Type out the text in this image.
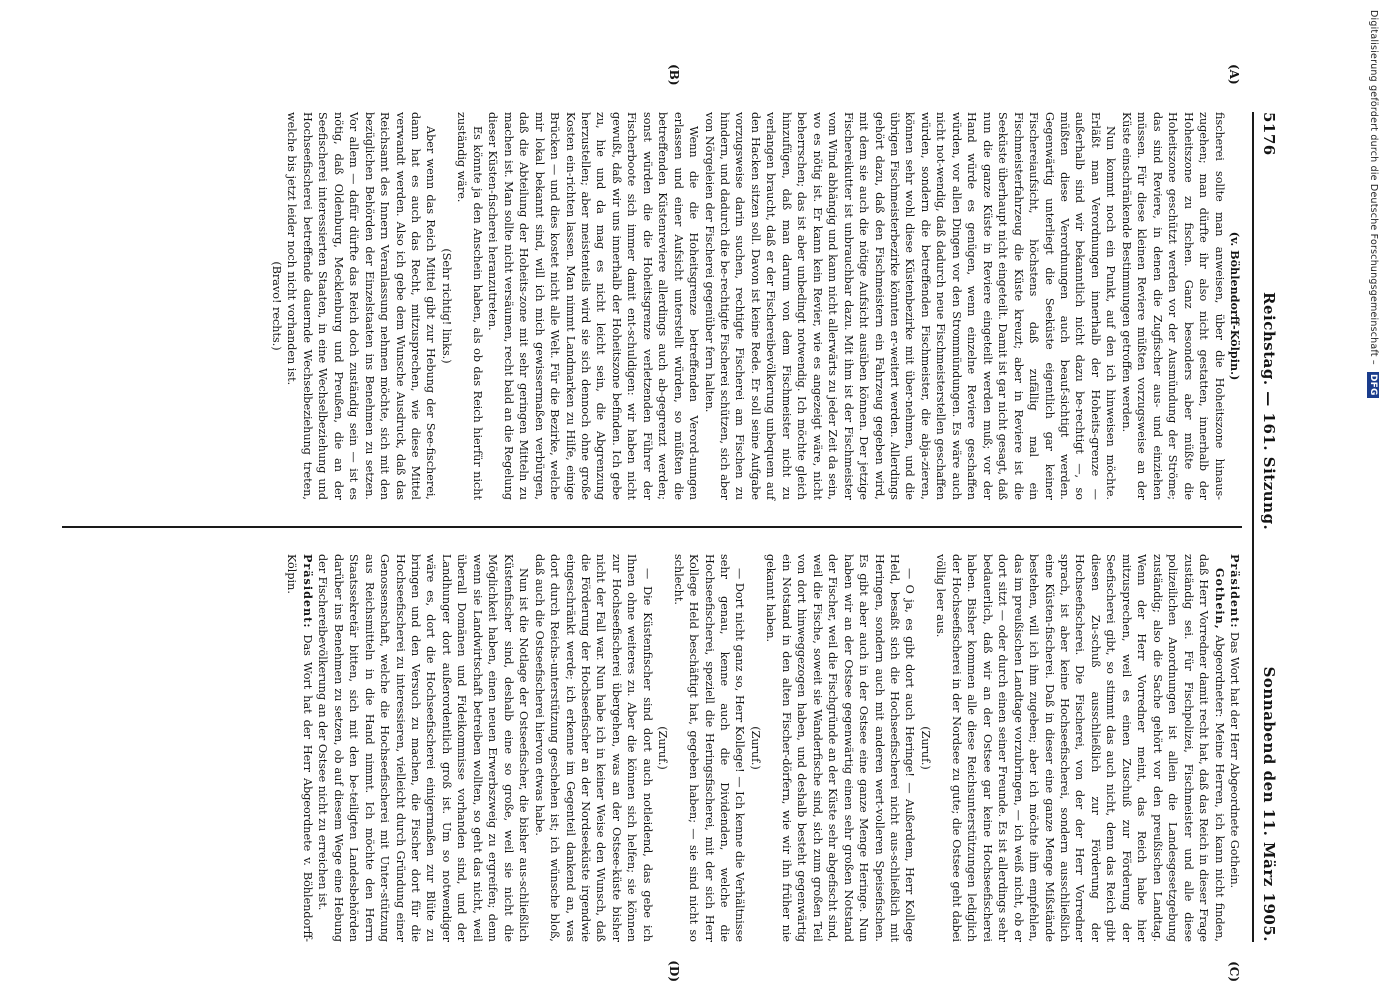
Digitalisierung gefördert durch die Deutsche Forschungsgemeinschaft – DFG
5176
Reichstag. — 161. Sitzung.
Sonnabend den 11. März 1905.
(A)
(B)

(v. Böhlendorff-Kölpin.)

fischerei sollte man anweisen, über die Hoheitszone hinaus-zugehen; man dürfte ihr also nicht gestatten, innerhalb der Hoheitszone zu fischen. Ganz besonders aber müßte die Hoheitszone geschützt werden vor der Ausmündung der Ströme; das sind Reviere, in denen die Zugfischer aus- und einziehen müssen. Für diese kleinen Reviere müßten vorzugsweise an der Küste einschränkende Bestimmungen getroffen werden.

Nun kommt noch ein Punkt, auf den ich hinweisen möchte. Erläßt man Verordnungen innerhalb der Hoheits-grenze — außerhalb sind wir bekanntlich nicht dazu be-rechtigt —, so müßten diese Verordnungen auch beauf-sichtigt werden. Gegenwärtig unterliegt die Seeküste eigentlich gar keiner Fischereiaufsicht, höchstens daß zufällig mal ein Fischmeisterfahrzeug die Küste kreuzt; aber in Reviere ist die Seeküste überhaupt nicht eingeteilt. Damit ist gar nicht gesagt, daß nun die ganze Küste in Reviere eingeteilt werden muß; vor der Hand würde es genügen, wenn einzelne Reviere geschaffen würden, vor allen Dingen vor den Strommündungen. Es wäre auch nicht not-wendig, daß dadurch neue Fischmeisterstellen geschaffen würden, sondern die betreffenden Fischmeister, die abja-zieren, können sehr wohl diese Küstenbezirke mit über-nehmen, und die übrigen Fischmeisterbezirke könnten er-weitert werden. Allerdings gehört dazu, daß den Fischmeistern ein Fahrzeug gegeben wird, mit dem sie auch die nötige Aufsicht ausüben können. Der jetzige Fischereikutter ist unbrauchbar dazu. Mit ihm ist der Fischmeister vom Wind abhängig und kann nicht allerwärts zu jeder Zeit da sein, wo es nötig ist. Er kann kein Revier, wie es angezeigt wäre, nicht beherrschen; das ist aber unbedingt notwendig. Ich möchte gleich hinzufügen, daß man darum von dem Fischmeister nicht zu verlangen braucht, daß er der Fischereibevölkerung unbequem auf den Hacken sitzen soll. Davon ist keine Rede. Er soll seine Aufgabe vorzugsweise darin suchen, rechtigte Fischerei am Fischen zu hindern, und dadurch die be-rechtigte Fischerei schützen, sich aber von Nörgeleien der Fischerei gegenüber fern halten.

Wenn die die Hoheitsgrenze betreffenden Verord-nungen erlassen und einer Aufsicht unterstellt würden, so müßten die betreffenden Küstenreviere allerdings auch ab-gegrenzt werden; sonst würden die die Hoheitsgrenze verletzenden Führer der Fischerboote sich immer damit ent-schuldigen: wir haben nicht gewußt, daß wir uns innerhalb der Hoheitszone befinden. Ich gebe zu, hie und da mag es nicht leicht sein, die Abgrenzung herzustellen; aber meistenteils wird sie sich dennoch ohne große Kosten ein-richten lassen. Man nimmt Landmarken zu Hilfe, einige Brücken — und dies kostet nicht alle Welt. Für die Bezirke, welche mir lokal bekannt sind, will ich mich gewissermaßen verbürgen, daß die Abteilung der Hoheits-zone mit sehr geringen Mitteln zu machen ist. Man sollte nicht versäumen, recht bald an die Regelung dieser Küsten-fischerei heranzutreten.

Es könnte ja den Anschein haben, als ob das Reich hierfür nicht zuständig wäre.

(Sehr richtig! links.)

Aber wenn das Reich Mittel gibt zur Hebung der See-fischerei, dann hat es auch das Recht, mitzusprechen, wie diese Mittel verwandt werden. Also ich gebe dem Wunsche Ausdruck, daß das Reichsamt des Innern Veranlassung nehmen möchte, sich mit den bezüglichen Behörden der Einzelstaaten ins Benehmen zu setzen. Vor allem — dafür dürfte das Reich doch zuständig sein — ist es nötig, daß Oldenburg, Mecklenburg und Preußen, die an der Seefischerei interessierten Staaten, in eine Wechselbeziehung und Hochseefischerei betreffende dauernde Wechselbeziehung treten, welche bis jetzt leider noch nicht vorhanden ist.

(Bravo! rechts.)

(C)
(D)

Präsident: Das Wort hat der Herr Abgeordnete Gothein.

Gothein, Abgeordneter: Meine Herren, ich kann nicht finden, daß Herr Vorredner damit recht hat, daß das Reich in dieser Frage zuständig sei. Für Fischpolizei, Fischmeister und alle diese polizeilichen Anordnungen ist allein die Landesgesetzgebung zuständig; also die Sache gehört vor den preußischen Landtag. Wenn der Herr Vorredner meint, das Reich habe hier mitzusprechen, weil es einen Zuschuß zur Förderung der Seefischerei gibt, so stimmt das auch nicht, denn das Reich gibt diesen Zu-schuß ausschließlich zur Förderung der Hochseefischerei. Die Fischerei, von der der Herr Vorredner sprach, ist aber keine Hochseefischerei, sondern ausschließlich eine Küsten-fischerei. Daß in dieser eine ganze Menge Mißstände bestehen, will ich ihm zugeben; aber ich möchte ihm empfehlen, das im preußischen Landtage vorzubringen, — ich weiß nicht, ob er dort sitzt — oder durch einen seiner Freunde. Es ist allerdings sehr bedauerlich, daß wir an der Ostsee gar keine Hochseefischerei haben. Bisher kommen alle diese Reichsunterstützungen lediglich der Hochseefischerei in der Nordsee zu gute; die Ostsee geht dabei völlig leer aus.

(Zuruf.)

— O ja, es gibt dort auch Heringe! — Außerdem, Herr Kollege Held, besaßt sich die Hochseefischerei nicht aus-schließlich mit Heringen, sondern auch mit anderen wert-volleren Speisefischen. Es gibt aber auch in der Ostsee eine ganze Menge Heringe. Nun haben wir an der Ostsee gegenwärtig einen sehr großen Notstand der Fischer, weil die Fischgründe an der Küste sehr abgefischt sind, weil die Fische, soweit sie Wanderfische sind, sich zum großen Teil von dort hinweggezogen haben, und deshalb besteht gegenwärtig ein Notstand in den alten Fischer-dörfern, wie wir ihn früher nie gekannt haben.

(Zuruf.)

— Dort nicht ganz so, Herr Kollege! — Ich kenne die Verhältnisse sehr genau, kenne auch die Dividenden, welche die Hochseefischerei, speziell die Heringsfischerei, mit der sich Herr Kollege Held beschäftigt hat, gegeben haben; — sie sind nicht so schlecht.

(Zuruf.)

— Die Küstenfischer sind dort auch notleidend, das gebe ich Ihnen ohne weiteres zu. Aber die können sich helfen; sie können zur Hochseefischerei übergehen, was an der Ostsee-küste bisher nicht der Fall war. Nun habe ich in keiner Weise den Wunsch, daß die Förderung der Hochseefischer an der Nordseeküste irgendwie eingeschränkt werde; ich erkenne im Gegenteil dankend an, was dort durch Reichs-unterstützung geschehen ist; ich wünsche bloß, daß auch die Ostseefischerei hiervon etwas habe.

Nun ist die Notlage der Ostseefischer, die bisher aus-schließlich Küstenfischer sind, deshalb eine so große, weil sie nicht die Möglichkeit haben, einen neuen Erwerbszweig zu ergreifen; denn wenn sie Landwirtschaft betreiben wollten, so geht das nicht, weil überall Domänen und Fideikommisse vorhanden sind, und der Landhunger dort außerordentlich groß ist. Um so notwendiger wäre es, dort die Hochseefischerei einigermaßen zur Blüte zu bringen und den Versuch zu machen, die Fischer dort für die Hochseefischerei zu interessieren, vielleicht durch Gründung einer Genossenschaft, welche die Hochseefischerei mit Unter-stützung aus Reichsmitteln in die Hand nimmt. Ich möchte den Herrn Staatssekretär bitten, sich mit den be-teiligten Landesbehörden darüber ins Benehmen zu setzen, ob auf diesem Wege eine Hebung der Fischereibevölkerung an der Ostsee nicht zu erreichen ist.

Präsident: Das Wort hat der Herr Abgeordnete v. Böhlendorff-Kölpin.
